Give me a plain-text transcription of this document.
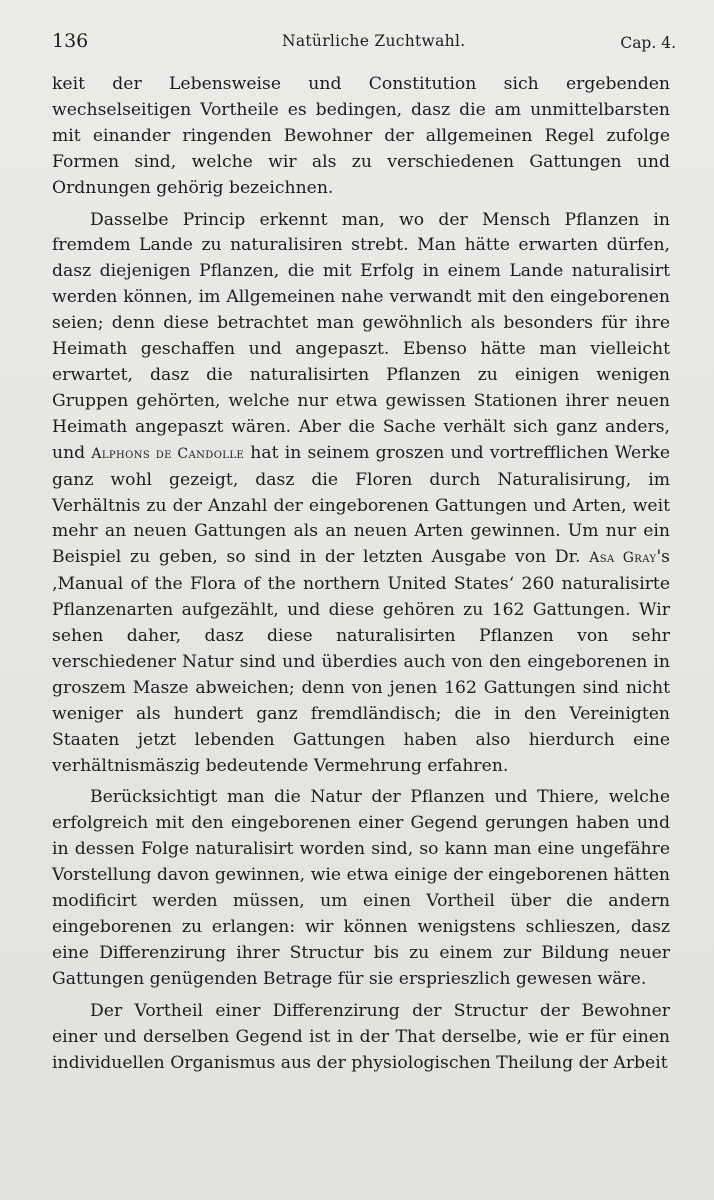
136	Natürliche Zuchtwahl.	Cap. 4.

keit der Lebensweise und Constitution sich ergebenden wechselseitigen Vortheile es bedingen, dasz die am unmittelbarsten mit einander ringenden Bewohner der allgemeinen Regel zufolge Formen sind, welche wir als zu verschiedenen Gattungen und Ordnungen gehörig bezeichnen.

Dasselbe Princip erkennt man, wo der Mensch Pflanzen in fremdem Lande zu naturalisiren strebt. Man hätte erwarten dürfen, dasz diejenigen Pflanzen, die mit Erfolg in einem Lande naturalisirt werden können, im Allgemeinen nahe verwandt mit den eingeborenen seien; denn diese betrachtet man gewöhnlich als besonders für ihre Heimath geschaffen und angepaszt. Ebenso hätte man vielleicht erwartet, dasz die naturalisirten Pflanzen zu einigen wenigen Gruppen gehörten, welche nur etwa gewissen Stationen ihrer neuen Heimath angepaszt wären. Aber die Sache verhält sich ganz anders, und Alphons de Candolle hat in seinem groszen und vortrefflichen Werke ganz wohl gezeigt, dasz die Floren durch Naturalisirung, im Verhältnis zu der Anzahl der eingeborenen Gattungen und Arten, weit mehr an neuen Gattungen als an neuen Arten gewinnen. Um nur ein Beispiel zu geben, so sind in der letzten Ausgabe von Dr. Asa Gray's ‚Manual of the Flora of the northern United States‘ 260 naturalisirte Pflanzenarten aufgezählt, und diese gehören zu 162 Gattungen. Wir sehen daher, dasz diese naturalisirten Pflanzen von sehr verschiedener Natur sind und überdies auch von den eingeborenen in groszem Masze abweichen; denn von jenen 162 Gattungen sind nicht weniger als hundert ganz fremdländisch; die in den Vereinigten Staaten jetzt lebenden Gattungen haben also hierdurch eine verhältnismäszig bedeutende Vermehrung erfahren.

Berücksichtigt man die Natur der Pflanzen und Thiere, welche erfolgreich mit den eingeborenen einer Gegend gerungen haben und in dessen Folge naturalisirt worden sind, so kann man eine ungefähre Vorstellung davon gewinnen, wie etwa einige der eingeborenen hätten modificirt werden müssen, um einen Vortheil über die andern eingeborenen zu erlangen: wir können wenigstens schlieszen, dasz eine Differenzirung ihrer Structur bis zu einem zur Bildung neuer Gattungen genügenden Betrage für sie ersprieszlich gewesen wäre.

Der Vortheil einer Differenzirung der Structur der Bewohner einer und derselben Gegend ist in der That derselbe, wie er für einen individuellen Organismus aus der physiologischen Theilung der Arbeit
